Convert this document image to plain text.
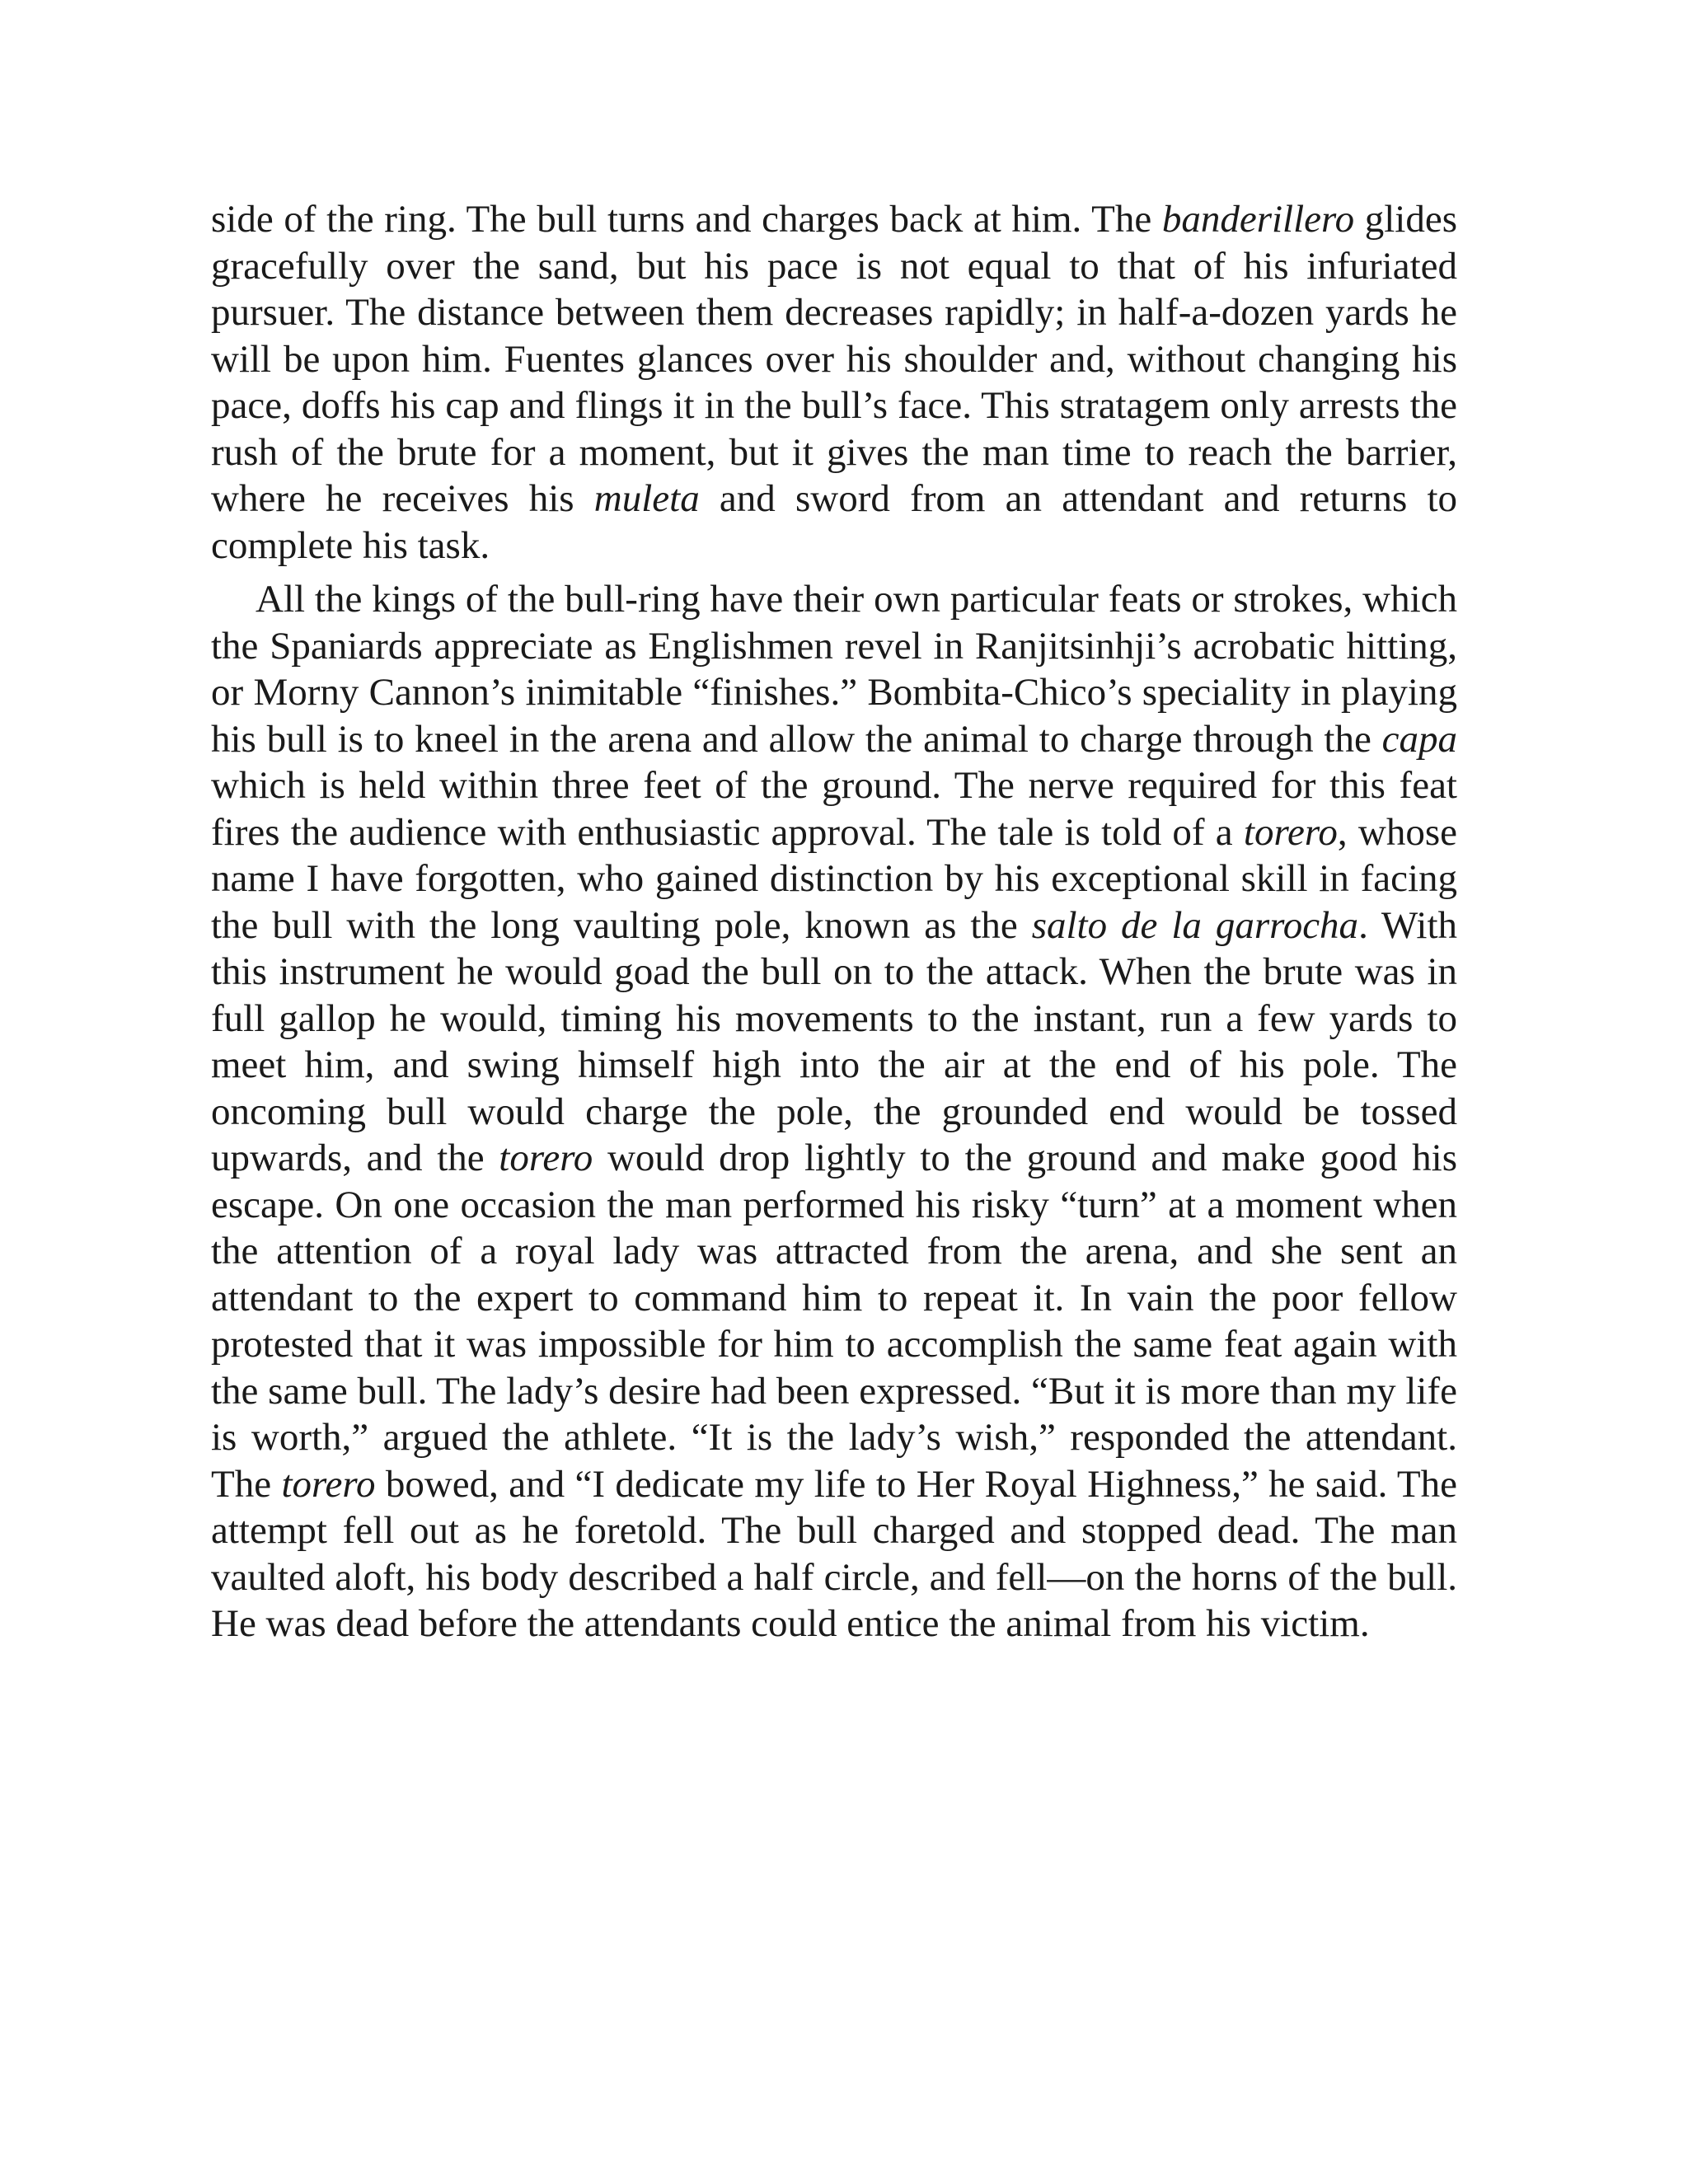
side of the ring. The bull turns and charges back at him. The banderillero glides gracefully over the sand, but his pace is not equal to that of his infuriated pursuer. The distance between them decreases rapidly; in half-a-dozen yards he will be upon him. Fuentes glances over his shoulder and, without changing his pace, doffs his cap and flings it in the bull’s face. This stratagem only arrests the rush of the brute for a moment, but it gives the man time to reach the barrier, where he receives his muleta and sword from an attendant and returns to complete his task.

All the kings of the bull-ring have their own particular feats or strokes, which the Spaniards appreciate as Englishmen revel in Ranjitsinhji’s acrobatic hitting, or Morny Cannon’s inimitable “finishes.” Bombita-Chico’s speciality in playing his bull is to kneel in the arena and allow the animal to charge through the capa which is held within three feet of the ground. The nerve required for this feat fires the audience with enthusiastic approval. The tale is told of a torero, whose name I have forgotten, who gained distinction by his exceptional skill in facing the bull with the long vaulting pole, known as the salto de la garrocha. With this instrument he would goad the bull on to the attack. When the brute was in full gallop he would, timing his movements to the instant, run a few yards to meet him, and swing himself high into the air at the end of his pole. The oncoming bull would charge the pole, the grounded end would be tossed upwards, and the torero would drop lightly to the ground and make good his escape. On one occasion the man performed his risky “turn” at a moment when the attention of a royal lady was attracted from the arena, and she sent an attendant to the expert to command him to repeat it. In vain the poor fellow protested that it was impossible for him to accomplish the same feat again with the same bull. The lady’s desire had been expressed. “But it is more than my life is worth,” argued the athlete. “It is the lady’s wish,” responded the attendant. The torero bowed, and “I dedicate my life to Her Royal Highness,” he said. The attempt fell out as he foretold. The bull charged and stopped dead. The man vaulted aloft, his body described a half circle, and fell—on the horns of the bull. He was dead before the attendants could entice the animal from his victim.
